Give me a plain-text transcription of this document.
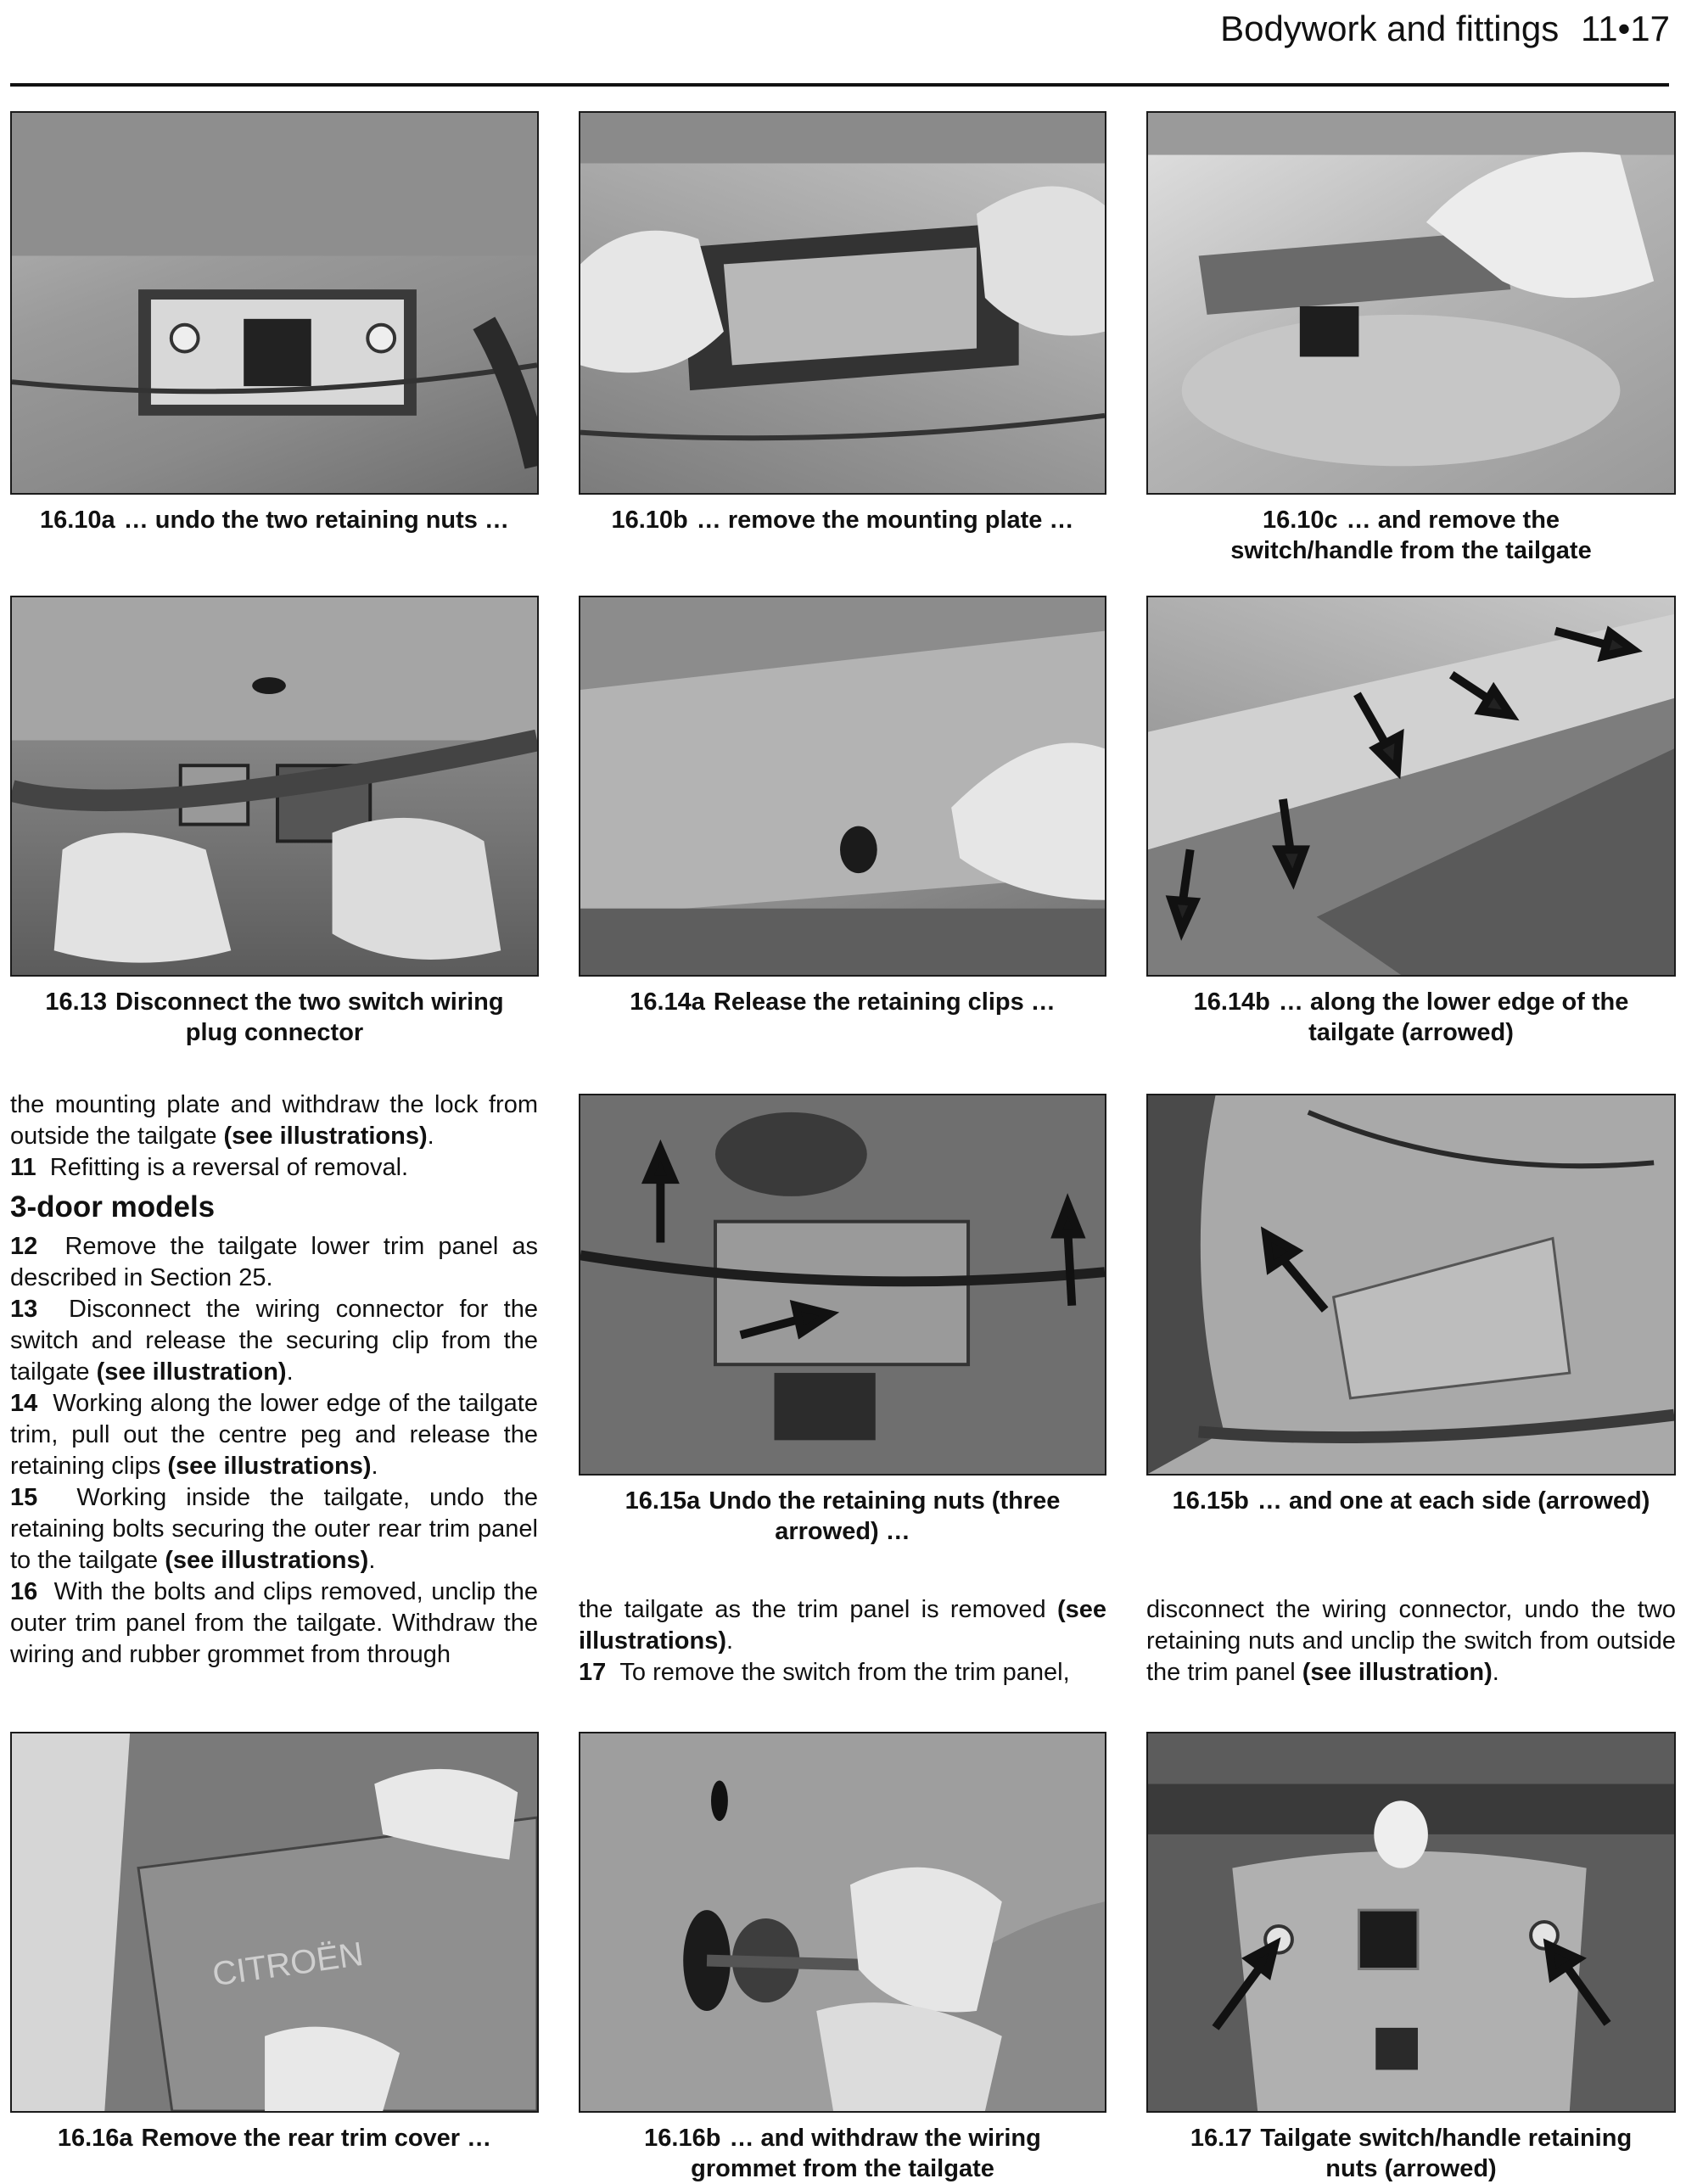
Bodywork and fittings 11•17
16.10a … undo the two retaining nuts …	16.10b … remove the mounting plate …	16.10c … and remove the switch/handle from the tailgate
16.13 Disconnect the two switch wiring plug connector
16.14a Release the retaining clips …	16.14b … along the lower edge of the tailgate (arrowed)

the mounting plate and withdraw the lock from outside the tailgate (see illustrations).

11 Refitting is a reversal of removal.

3-door models

12 Remove the tailgate lower trim panel as described in Section 25.

13 Disconnect the wiring connector for the switch and release the securing clip from the tailgate (see illustration).

14 Working along the lower edge of the tailgate trim, pull out the centre peg and release the retaining clips (see illustrations).

15 Working inside the tailgate, undo the retaining bolts securing the outer rear trim panel to the tailgate (see illustrations).

16 With the bolts and clips removed, unclip the outer trim panel from the tailgate. Withdraw the wiring and rubber grommet from through

16.15a Undo the retaining nuts (three arrowed) …
16.15b … and one at each side (arrowed)

the tailgate as the trim panel is removed (see illustrations).

17 To remove the switch from the trim panel,

disconnect the wiring connector, undo the two retaining nuts and unclip the switch from outside the trim panel (see illustration).

CITROËN
16.16a Remove the rear trim cover …	16.16b … and withdraw the wiring grommet from the tailgate
16.17 Tailgate switch/handle retaining nuts (arrowed)
